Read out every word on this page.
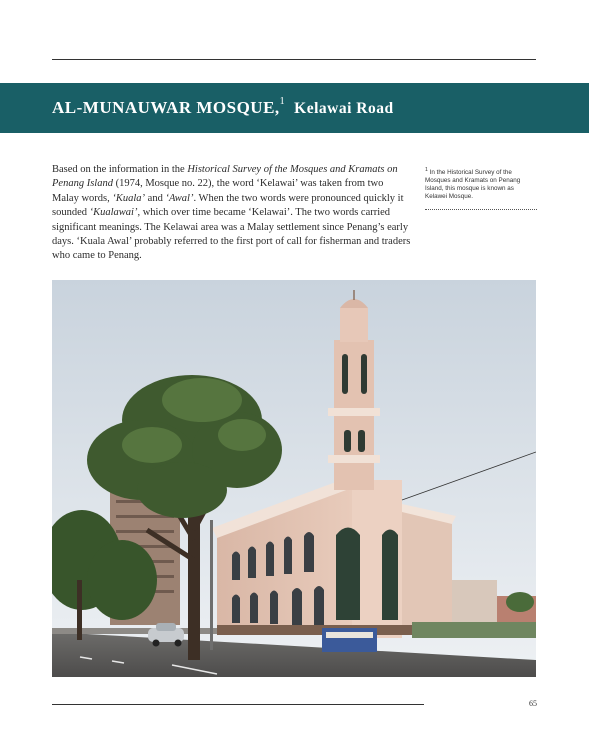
AL-MUNAUWAR MOSQUE,$^1$ Kelawai Road

Based on the information in the Historical Survey of the Mosques and Kramats on Penang Island (1974, Mosque no. 22), the word ‘Kelawai’ was taken from two Malay words, ‘Kuala’ and ‘Awal’. When the two words were pronounced quickly it sounded ‘Kualawai’, which over time became ‘Kelawai’. The two words carried significant meanings. The Kelawai area was a Malay settlement since Penang’s early days. ‘Kuala Awal’ probably referred to the first port of call for fisherman and traders who came to Penang.

$^1$ In the Historical Survey of the Mosques and Kramats on Penang Island, this mosque is known as Kelawei Mosque.
65
